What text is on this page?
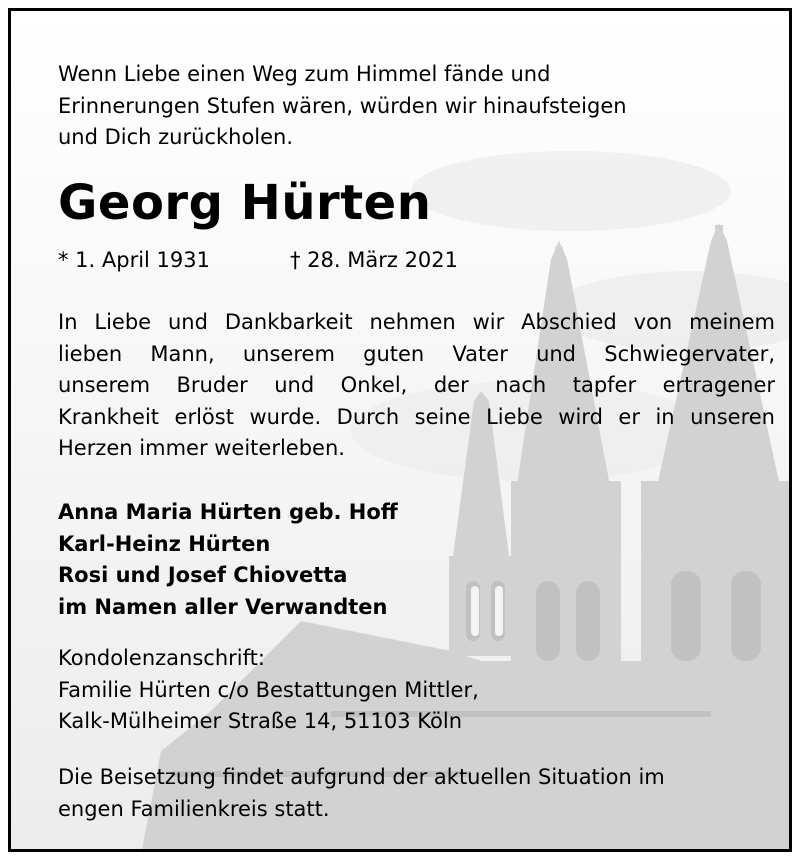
Wenn Liebe einen Weg zum Himmel fände und
Erinnerungen Stufen wären, würden wir hinaufsteigen
und Dich zurückholen.
Georg Hürten
* 1. April 1931	† 28. März 2021
In Liebe und Dankbarkeit nehmen wir Abschied von meinem
lieben Mann, unserem guten Vater und Schwiegervater,
unserem Bruder und Onkel, der nach tapfer ertragener
Krankheit erlöst wurde. Durch seine Liebe wird er in unseren
Herzen immer weiterleben.
Anna Maria Hürten geb. Hoff
Karl-Heinz Hürten
Rosi und Josef Chiovetta
im Namen aller Verwandten
Kondolenzanschrift:
Familie Hürten c/o Bestattungen Mittler,
Kalk-Mülheimer Straße 14, 51103 Köln
Die Beisetzung findet aufgrund der aktuellen Situation im
engen Familienkreis statt.
